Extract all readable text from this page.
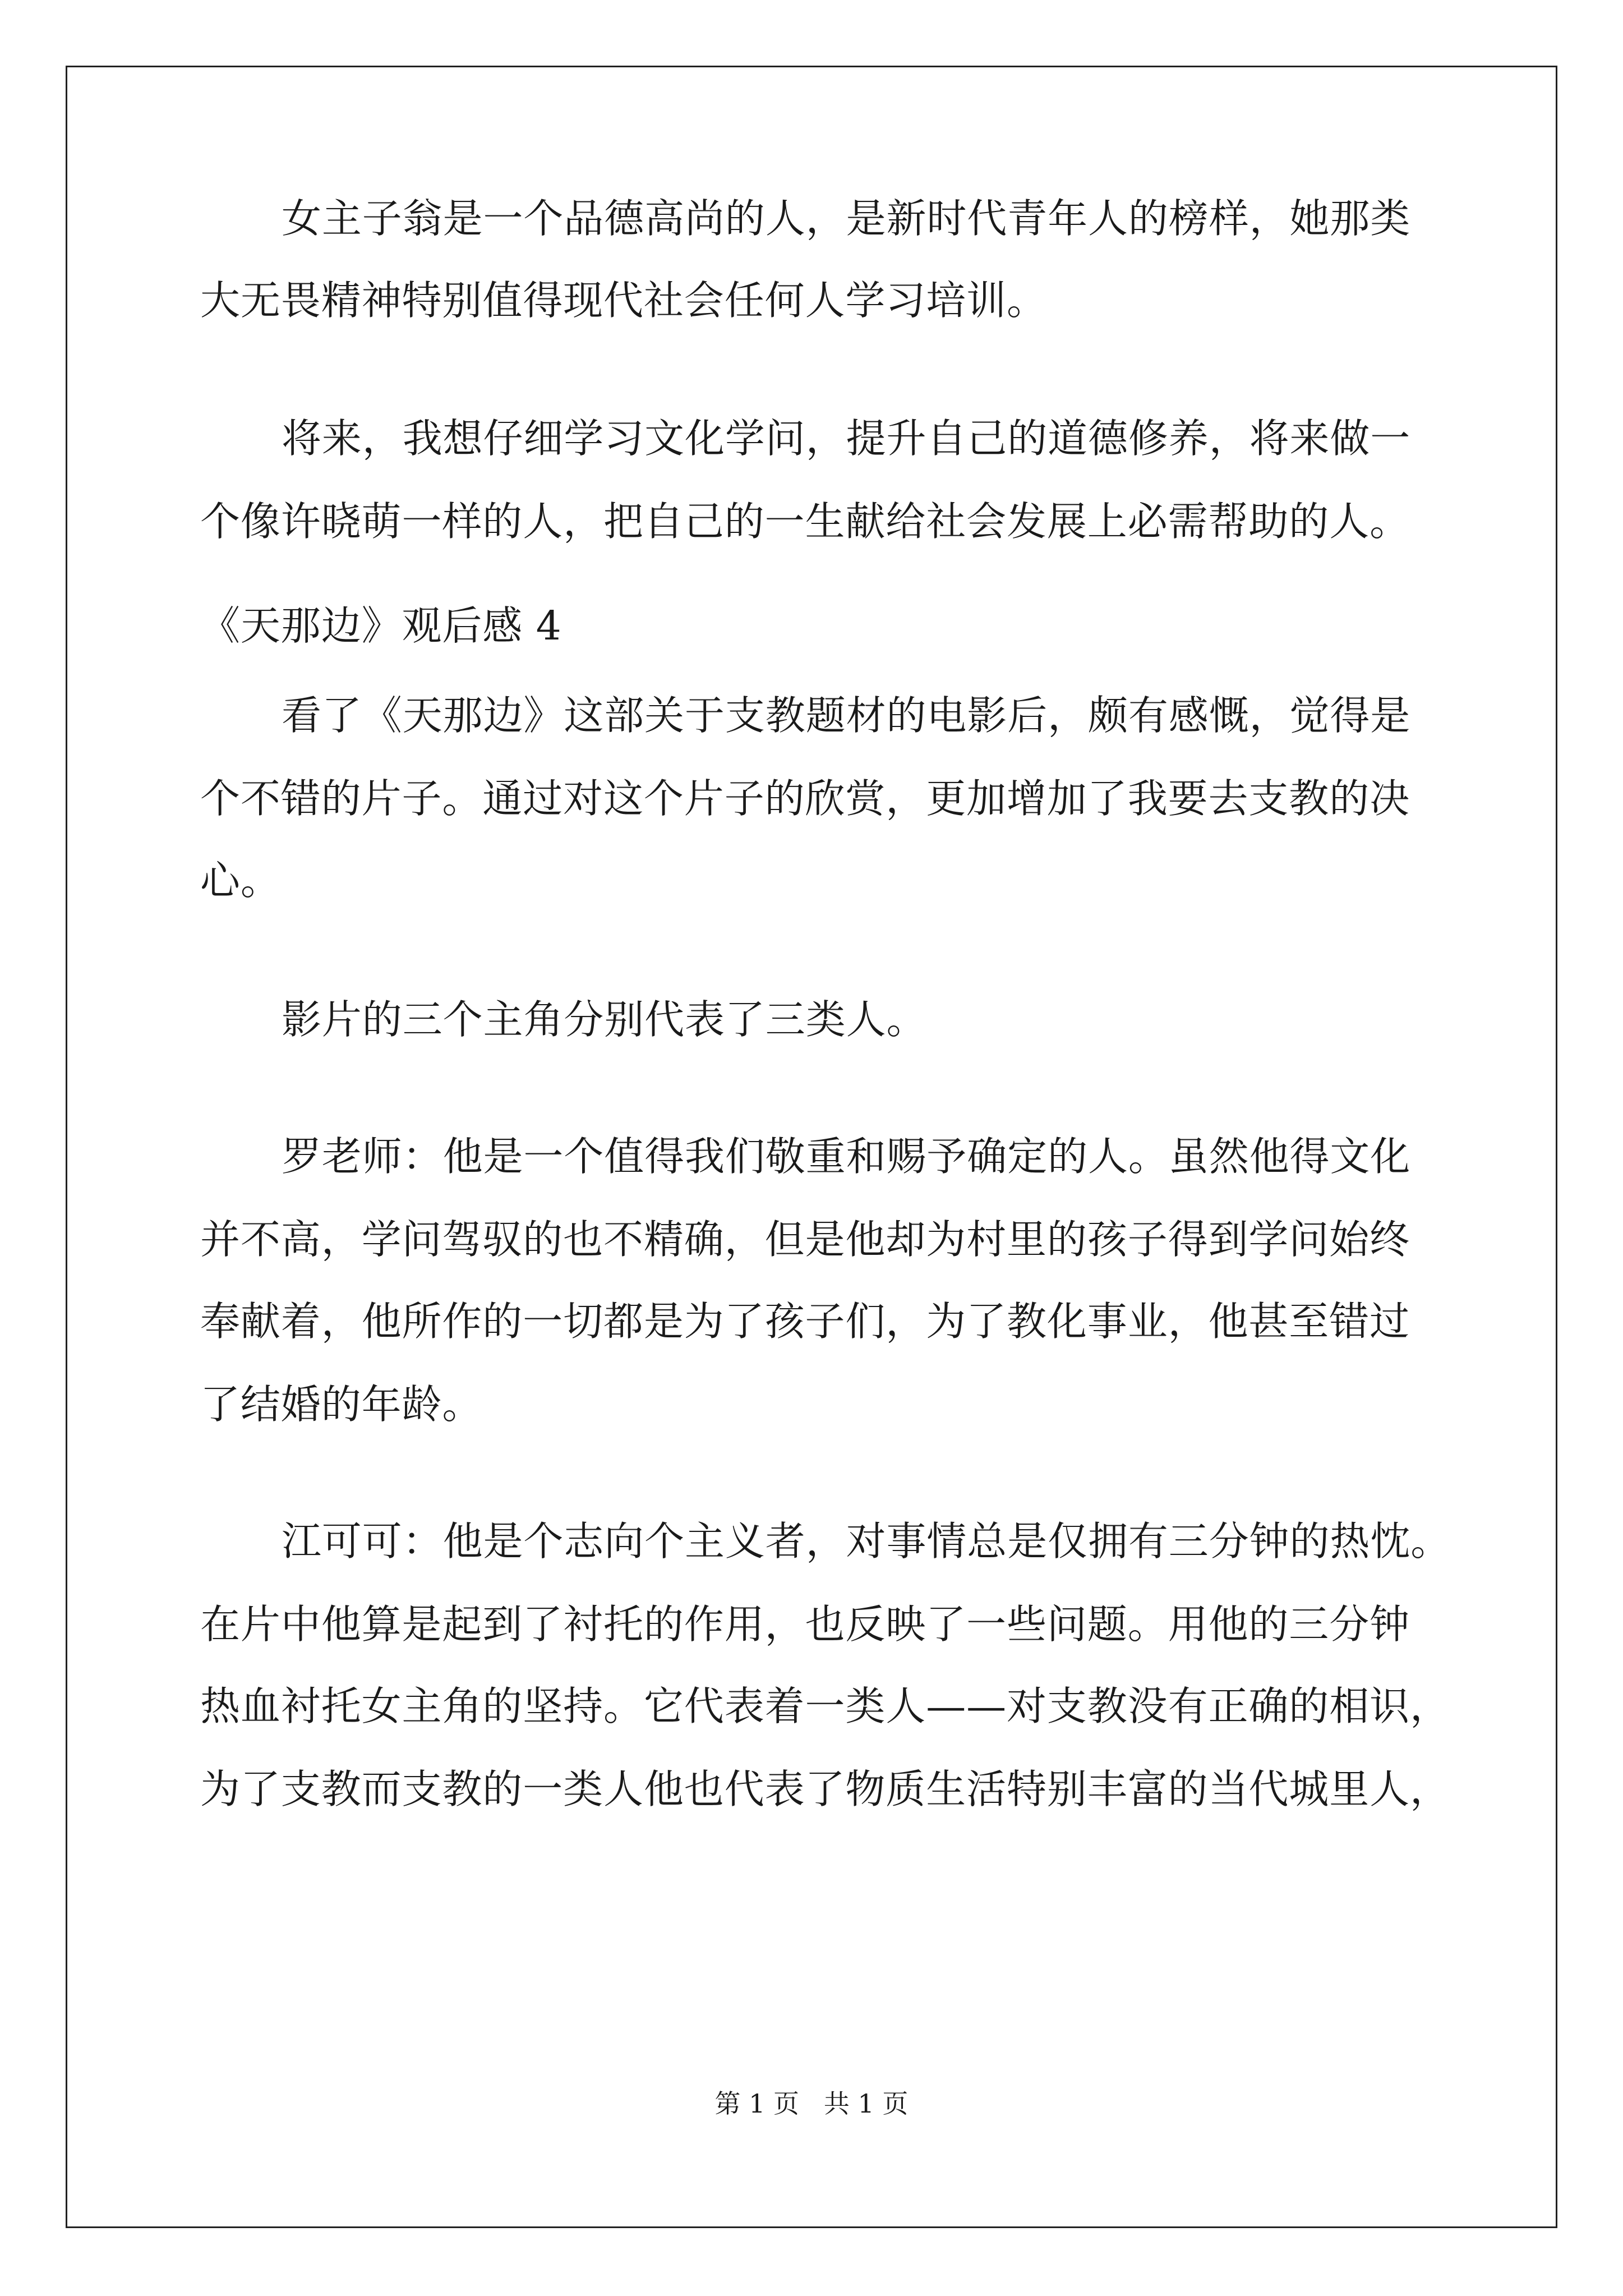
女主子翁是一个品德高尚的人，是新时代青年人的榜样，她那类
大无畏精神特别值得现代社会任何人学习培训。
将来，我想仔细学习文化学问，提升自己的道德修养，将来做一
个像许晓萌一样的人，把自己的一生献给社会发展上必需帮助的人。
《天那边》观后感 4
看了《天那边》这部关于支教题材的电影后，颇有感慨，觉得是
个不错的片子。通过对这个片子的欣赏，更加增加了我要去支教的决
心。
影片的三个主角分别代表了三类人。
罗老师：他是一个值得我们敬重和赐予确定的人。虽然他得文化
并不高，学问驾驭的也不精确，但是他却为村里的孩子得到学问始终
奉献着，他所作的一切都是为了孩子们，为了教化事业，他甚至错过
了结婚的年龄。
江可可：他是个志向个主义者，对事情总是仅拥有三分钟的热忱。
在片中他算是起到了衬托的作用，也反映了一些问题。用他的三分钟
热血衬托女主角的坚持。它代表着一类人——对支教没有正确的相识，
为了支教而支教的一类人他也代表了物质生活特别丰富的当代城里人，
第 1 页   共 1 页
